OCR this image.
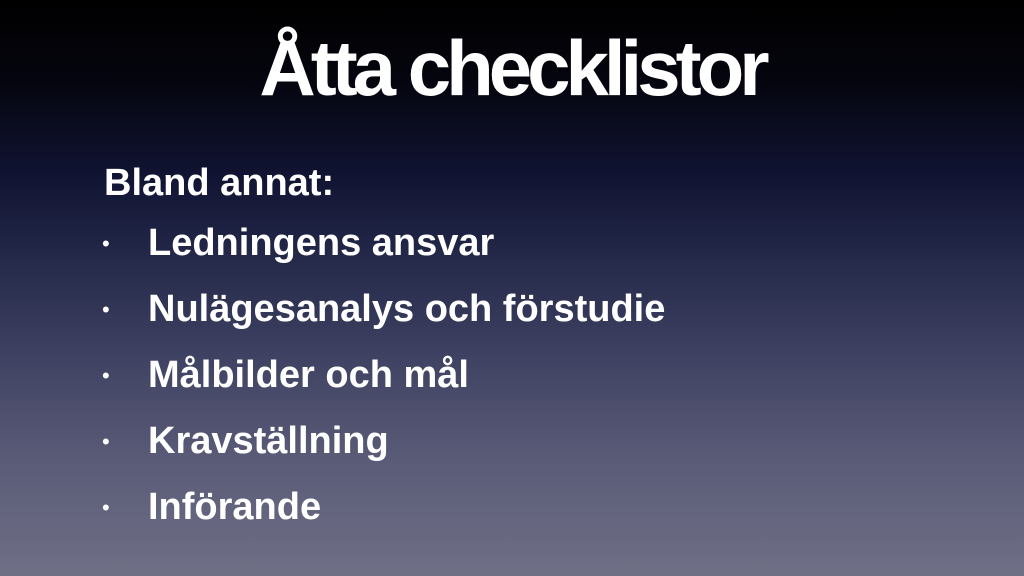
Åtta checklistor

Bland annat:

• Ledningens ansvar
• Nulägesanalys och förstudie
• Målbilder och mål
• Kravställning
• Införande
